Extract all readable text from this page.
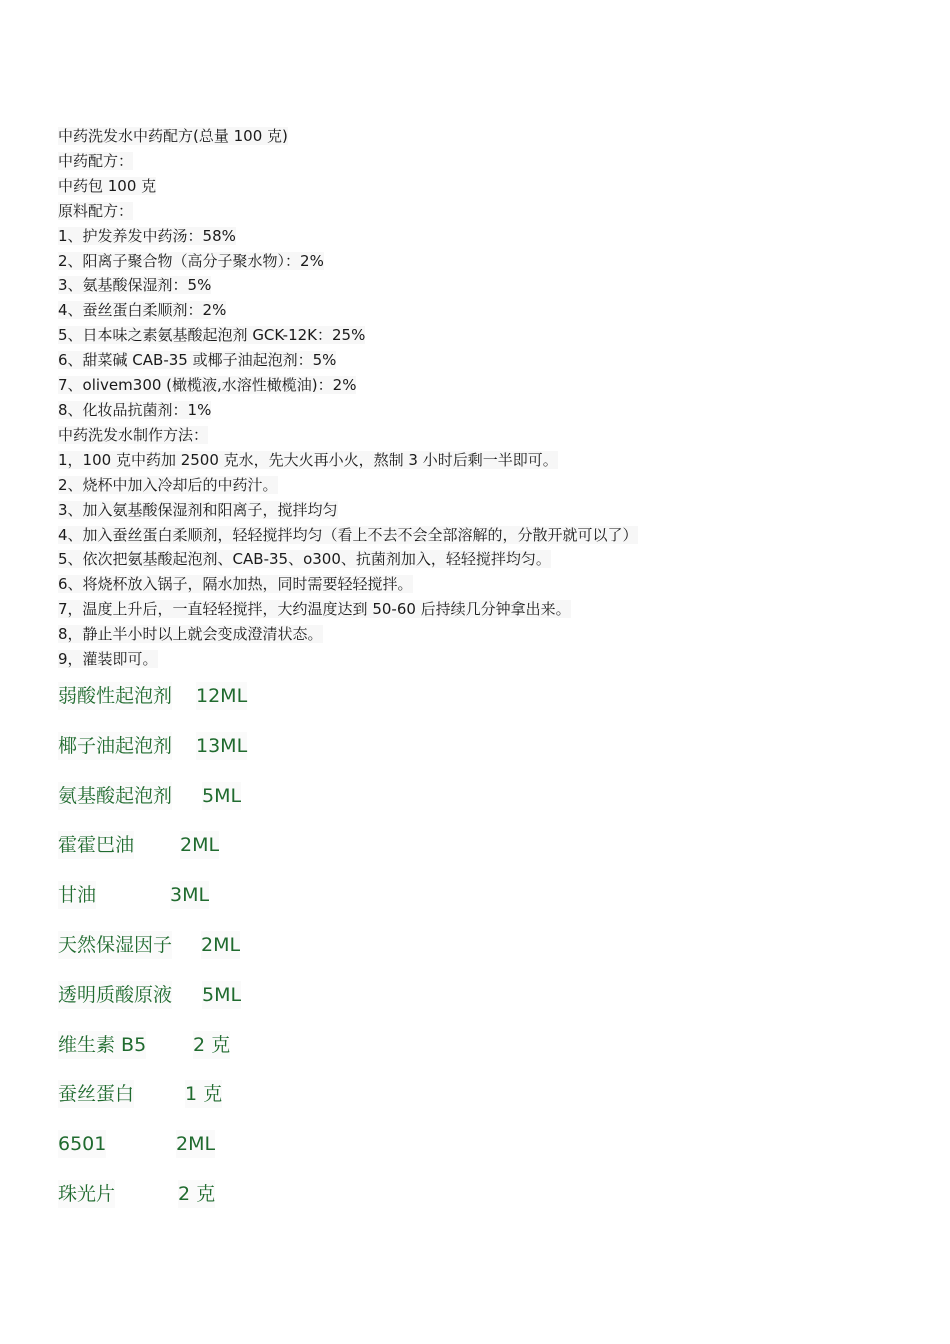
中药洗发水中药配方(总量 100 克)
中药配方：
中药包 100 克
原料配方：
1、护发养发中药汤：58%
2、阳离子聚合物（高分子聚水物）：2%
3、氨基酸保湿剂：5%
4、蚕丝蛋白柔顺剂：2%
5、日本味之素氨基酸起泡剂 GCK-12K：25%
6、甜菜碱 CAB-35 或椰子油起泡剂：5%
7、olivem300 (橄榄液,水溶性橄榄油)：2%
8、化妆品抗菌剂：1%
中药洗发水制作方法：
1，100 克中药加 2500 克水，先大火再小火，熬制 3 小时后剩一半即可。
2、烧杯中加入冷却后的中药汁。
3、加入氨基酸保湿剂和阳离子，搅拌均匀
4、加入蚕丝蛋白柔顺剂，轻轻搅拌均匀（看上不去不会全部溶解的，分散开就可以了）
5、依次把氨基酸起泡剂、CAB-35、o300、抗菌剂加入，轻轻搅拌均匀。
6、将烧杯放入锅子，隔水加热，同时需要轻轻搅拌。
7，温度上升后，一直轻轻搅拌，大约温度达到 50-60 后持续几分钟拿出来。
8，静止半小时以上就会变成澄清状态。
9，灌装即可。
弱酸性起泡剂 12ML
椰子油起泡剂 13ML
氨基酸起泡剂 5ML
霍霍巴油 2ML
甘油	3ML
天然保湿因子 2ML
透明质酸原液 5ML
维生素 B5 2 克
蚕丝蛋白	1 克
6501	2ML
珠光片	2 克
